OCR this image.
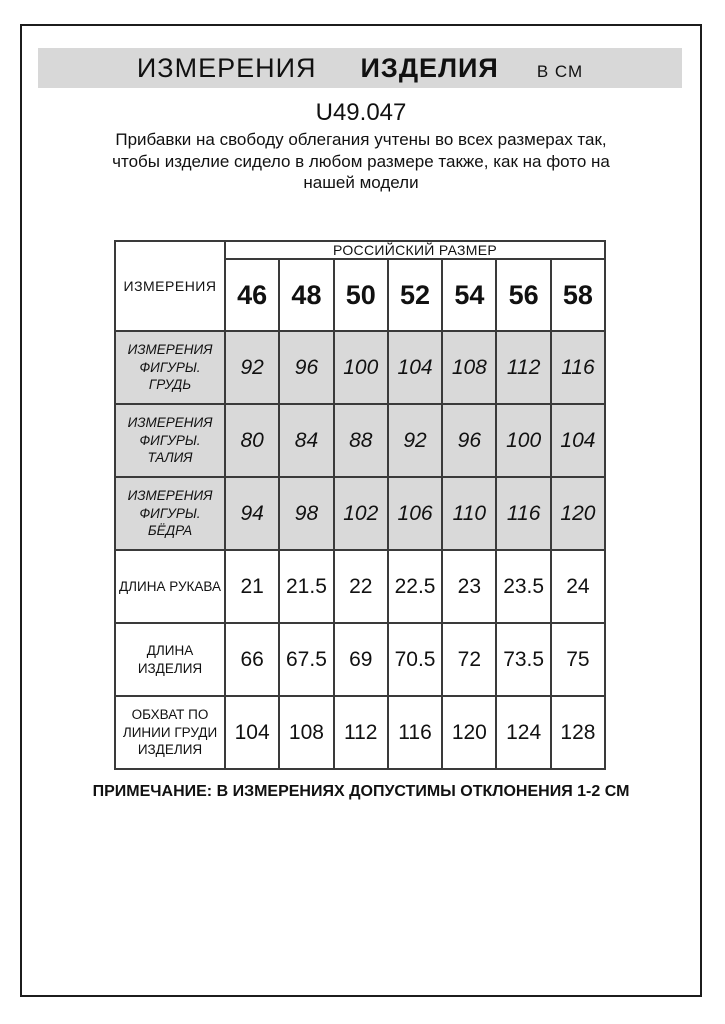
ИЗМЕРЕНИЯ ИЗДЕЛИЯ В СМ
U49.047
Прибавки на свободу облегания учтены во всех размерах так,
чтобы изделие сидело в любом размере также, как на фото на
нашей модели
ИЗМЕРЕНИЯ	РОССИЙСКИЙ РАЗМЕР						
	46	48	50	52	54	56	58
ИЗМЕРЕНИЯ ФИГУРЫ. ГРУДЬ	92	96	100	104	108	112	116
ИЗМЕРЕНИЯ ФИГУРЫ. ТАЛИЯ	80	84	88	92	96	100	104
ИЗМЕРЕНИЯ ФИГУРЫ. БЁДРА	94	98	102	106	110	116	120
ДЛИНА РУКАВА	21	21.5	22	22.5	23	23.5	24
ДЛИНА ИЗДЕЛИЯ	66	67.5	69	70.5	72	73.5	75
ОБХВАТ ПО ЛИНИИ ГРУДИ ИЗДЕЛИЯ	104	108	112	116	120	124	128
ПРИМЕЧАНИЕ: В ИЗМЕРЕНИЯХ ДОПУСТИМЫ ОТКЛОНЕНИЯ 1-2 СМ
